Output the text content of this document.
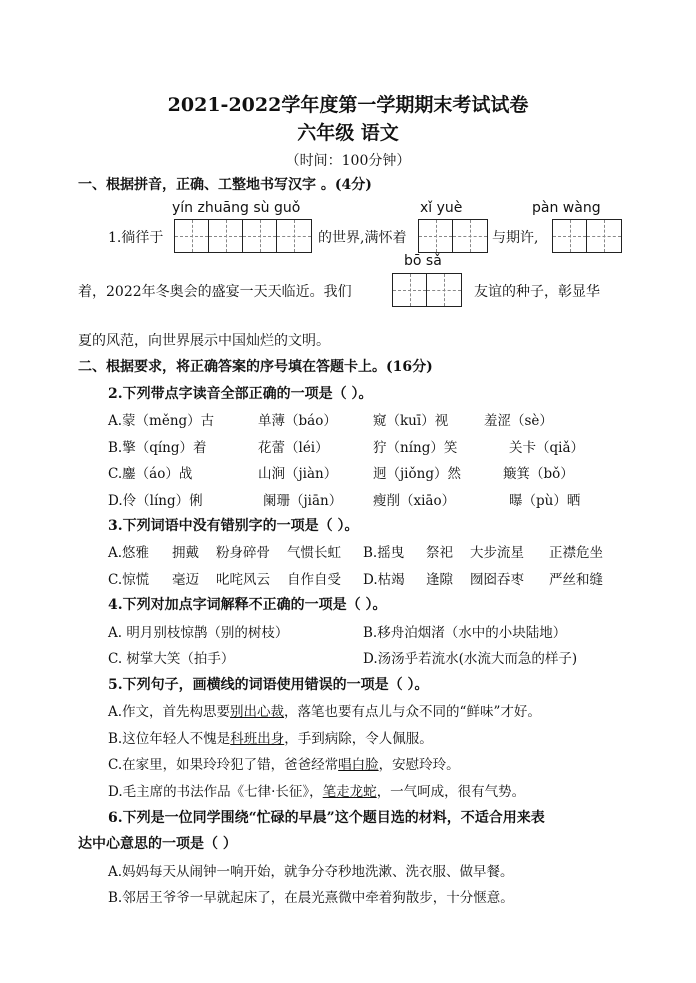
2021-2022学年度第一学期期末考试试卷
六年级 语文
（时间：100分钟）
一、根据拼音，正确、工整地书写汉字 。(4分)
yín zhuāng sù guǒ	xǐ yuè	pàn wàng
1.徜徉于	的世界,满怀着	与期许,
bō sǎ
着，2022年冬奥会的盛宴一天天临近。我们	友谊的种子，彰显华
夏的风范，向世界展示中国灿烂的文明。
二、根据要求，将正确答案的序号填在答题卡上。(16分)
2.下列带点字读音全部正确的一项是（ ）。
A.蒙（měng）古	单薄（báo）	窥（kuī）视	羞涩（sè）
B.擎（qíng）着	花蕾（léi）	狞（níng）笑	关卡（qiǎ）
C.鏖（áo）战	山涧（jiàn）	迥（jiǒng）然	簸箕（bǒ）
D.伶（líng）俐	阑珊（jiān） 瘦削（xiāo）	曝（pù）晒
3.下列词语中没有错别字的一项是（ ）。
A.悠雅 拥戴 粉身碎骨 气惯长虹 B.摇曳 祭祀 大步流星 正襟危坐
C.惊慌 毫迈 叱咤风云 自作自受 D.枯竭 逢隙 囫囵吞枣 严丝和缝
4.下列对加点字词解释不正确的一项是（ ）。
A. 明月别枝惊鹊（别的树枝）	B.移舟泊烟渚（水中的小块陆地）
C. 树掌大笑（拍手）	D.汤汤乎若流水(水流大而急的样子)
5.下列句子，画横线的词语使用错误的一项是（ ）。
A.作文，首先构思要别出心裁，落笔也要有点儿与众不同的“鲜味”才好。
B.这位年轻人不愧是科班出身，手到病除，令人佩服。
C.在家里，如果玲玲犯了错，爸爸经常唱白脸，安慰玲玲。
D.毛主席的书法作品《七律·长征》，笔走龙蛇，一气呵成，很有气势。
6.下列是一位同学围绕“忙碌的早晨”这个题目选的材料，不适合用来表
达中心意思的一项是（ ）
A.妈妈每天从闹钟一响开始，就争分夺秒地洗漱、洗衣服、做早餐。
B.邻居王爷爷一早就起床了，在晨光熹微中牵着狗散步，十分惬意。
